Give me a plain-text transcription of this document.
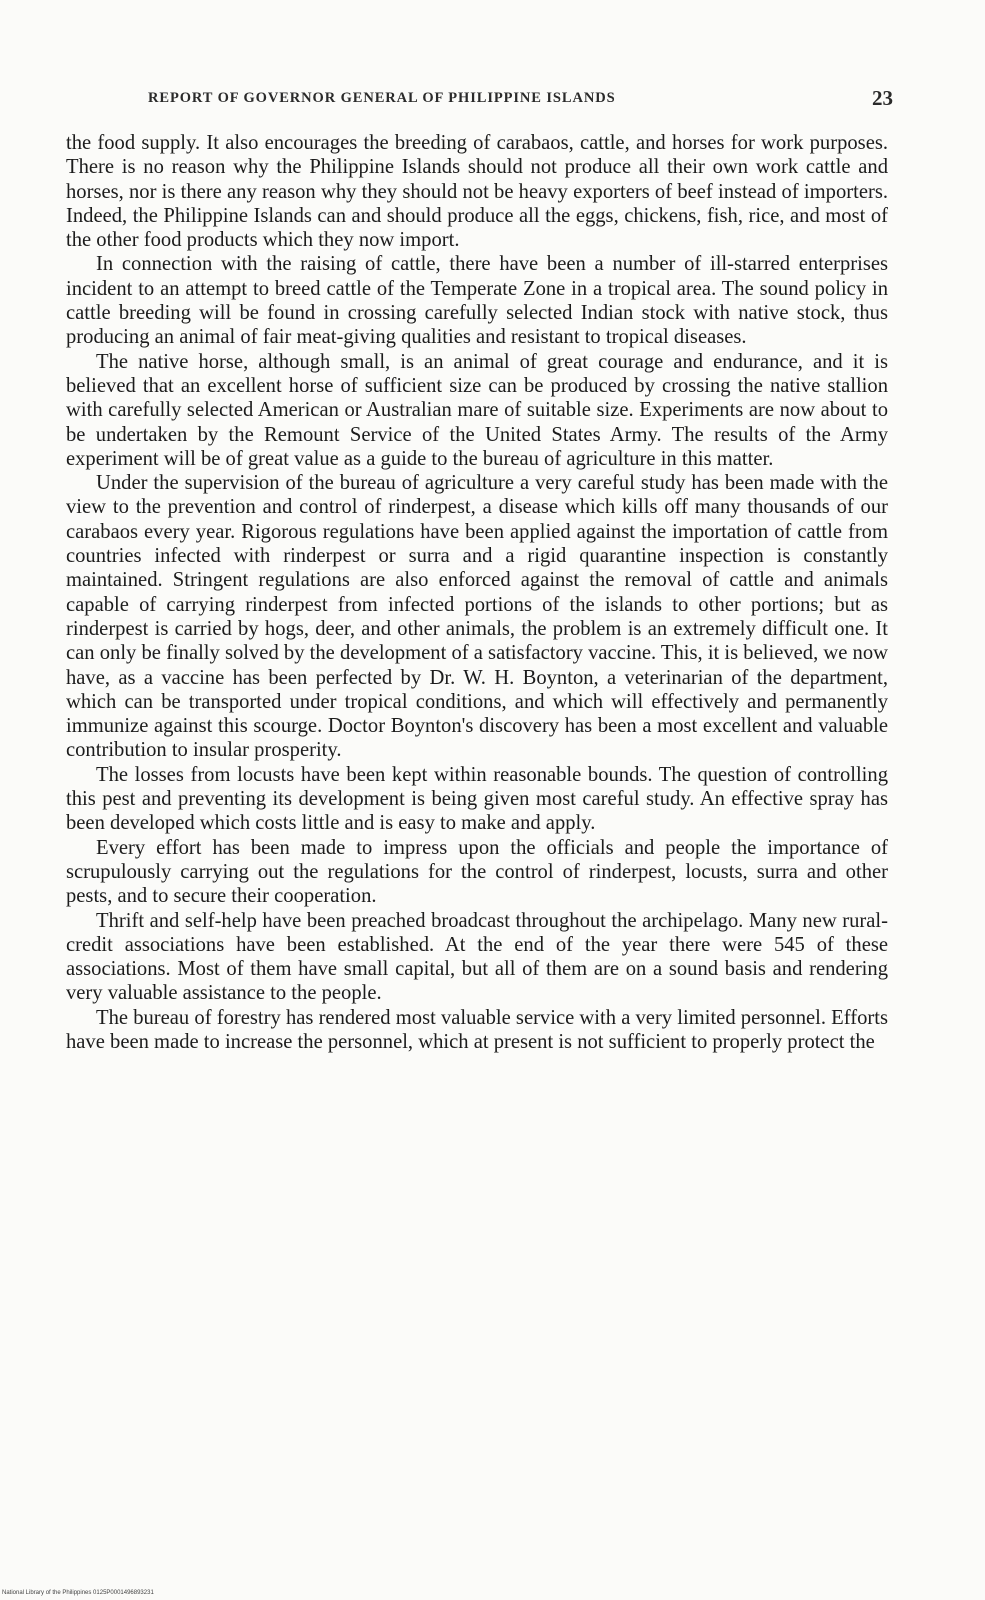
REPORT OF GOVERNOR GENERAL OF PHILIPPINE ISLANDS	23

the food supply. It also encourages the breeding of carabaos, cattle, and horses for work purposes. There is no reason why the Philippine Islands should not produce all their own work cattle and horses, nor is there any reason why they should not be heavy exporters of beef instead of importers. Indeed, the Philippine Islands can and should produce all the eggs, chickens, fish, rice, and most of the other food products which they now import.

In connection with the raising of cattle, there have been a number of ill-starred enterprises incident to an attempt to breed cattle of the Temperate Zone in a tropical area. The sound policy in cattle breeding will be found in crossing carefully selected Indian stock with native stock, thus producing an animal of fair meat-giving qualities and resistant to tropical diseases.

The native horse, although small, is an animal of great courage and endurance, and it is believed that an excellent horse of sufficient size can be produced by crossing the native stallion with carefully selected American or Australian mare of suitable size. Experiments are now about to be undertaken by the Remount Service of the United States Army. The results of the Army experiment will be of great value as a guide to the bureau of agriculture in this matter.

Under the supervision of the bureau of agriculture a very careful study has been made with the view to the prevention and control of rinderpest, a disease which kills off many thousands of our carabaos every year. Rigorous regulations have been applied against the importation of cattle from countries infected with rinderpest or surra and a rigid quarantine inspection is constantly maintained. Stringent regulations are also enforced against the removal of cattle and animals capable of carrying rinderpest from infected portions of the islands to other portions; but as rinderpest is carried by hogs, deer, and other animals, the problem is an extremely difficult one. It can only be finally solved by the development of a satisfactory vaccine. This, it is believed, we now have, as a vaccine has been perfected by Dr. W. H. Boynton, a veterinarian of the department, which can be transported under tropical conditions, and which will effectively and permanently immunize against this scourge. Doctor Boynton's discovery has been a most excellent and valuable contribution to insular prosperity.

The losses from locusts have been kept within reasonable bounds. The question of controlling this pest and preventing its development is being given most careful study. An effective spray has been developed which costs little and is easy to make and apply.

Every effort has been made to impress upon the officials and people the importance of scrupulously carrying out the regulations for the control of rinderpest, locusts, surra and other pests, and to secure their cooperation.

Thrift and self-help have been preached broadcast throughout the archipelago. Many new rural-credit associations have been established. At the end of the year there were 545 of these associations. Most of them have small capital, but all of them are on a sound basis and rendering very valuable assistance to the people.

The bureau of forestry has rendered most valuable service with a very limited personnel. Efforts have been made to increase the personnel, which at present is not sufficient to properly protect the

National Library of the Philippines 0125P0001496893231
